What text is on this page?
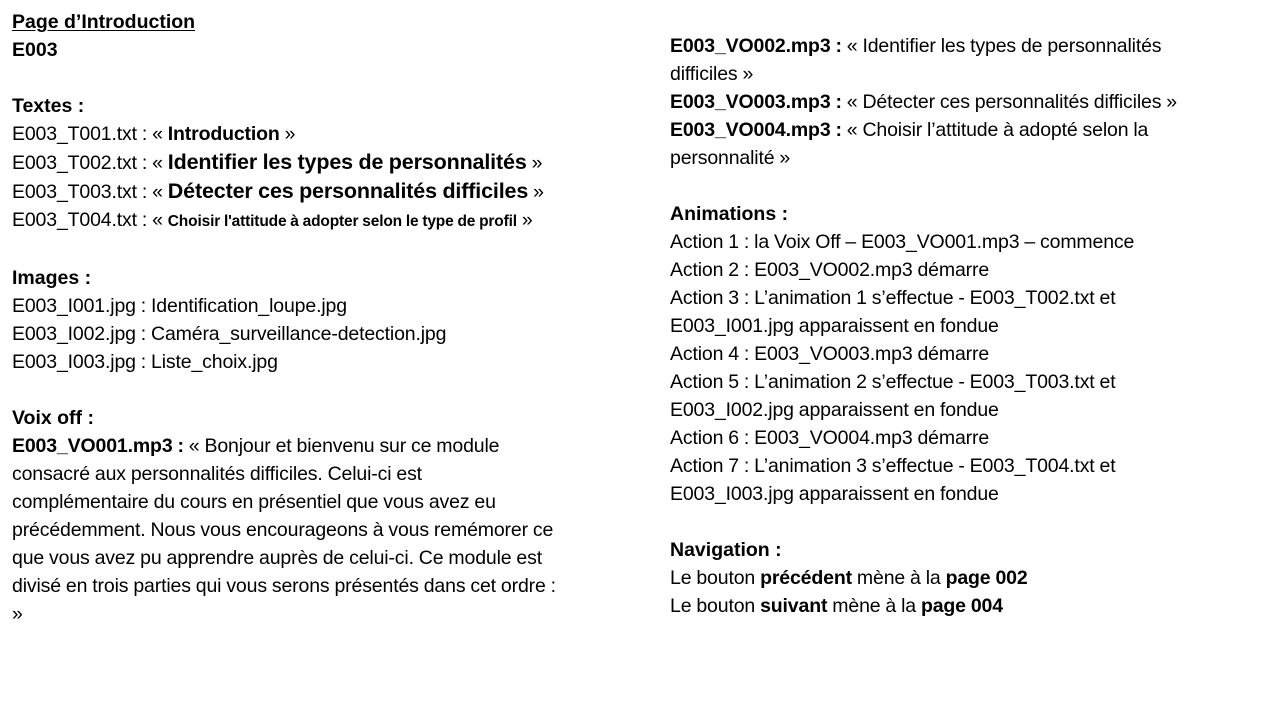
Page d’Introduction
E003
Textes :
E003_T001.txt : « Introduction »
E003_T002.txt : « Identifier les types de personnalités »
E003_T003.txt : « Détecter ces personnalités difficiles »
E003_T004.txt : « Choisir l'attitude à adopter selon le type de profil »
Images :
E003_I001.jpg : Identification_loupe.jpg
E003_I002.jpg : Caméra_surveillance-detection.jpg
E003_I003.jpg : Liste_choix.jpg
Voix off :
E003_VO001.mp3 : « Bonjour et bienvenu sur ce module consacré aux personnalités difficiles. Celui-ci est complémentaire du cours en présentiel que vous avez eu précédemment. Nous vous encourageons à vous remémorer ce que vous avez pu apprendre auprès de celui-ci. Ce module est divisé en trois parties qui vous serons présentés dans cet ordre : »
E003_VO002.mp3 : « Identifier les types de personnalités difficiles »
E003_VO003.mp3 : « Détecter ces personnalités difficiles »
E003_VO004.mp3 : « Choisir l’attitude à adopté selon la personnalité »
Animations :
Action 1 : la Voix Off – E003_VO001.mp3 – commence
Action 2 : E003_VO002.mp3 démarre
Action 3 : L’animation 1 s’effectue - E003_T002.txt et E003_I001.jpg apparaissent en fondue
Action 4 : E003_VO003.mp3 démarre
Action 5 : L’animation 2 s’effectue - E003_T003.txt et E003_I002.jpg apparaissent en fondue
Action 6 : E003_VO004.mp3 démarre
Action 7 : L’animation 3 s’effectue - E003_T004.txt et E003_I003.jpg apparaissent en fondue
Navigation :
Le bouton précédent mène à la page 002
Le bouton suivant mène à la page 004
